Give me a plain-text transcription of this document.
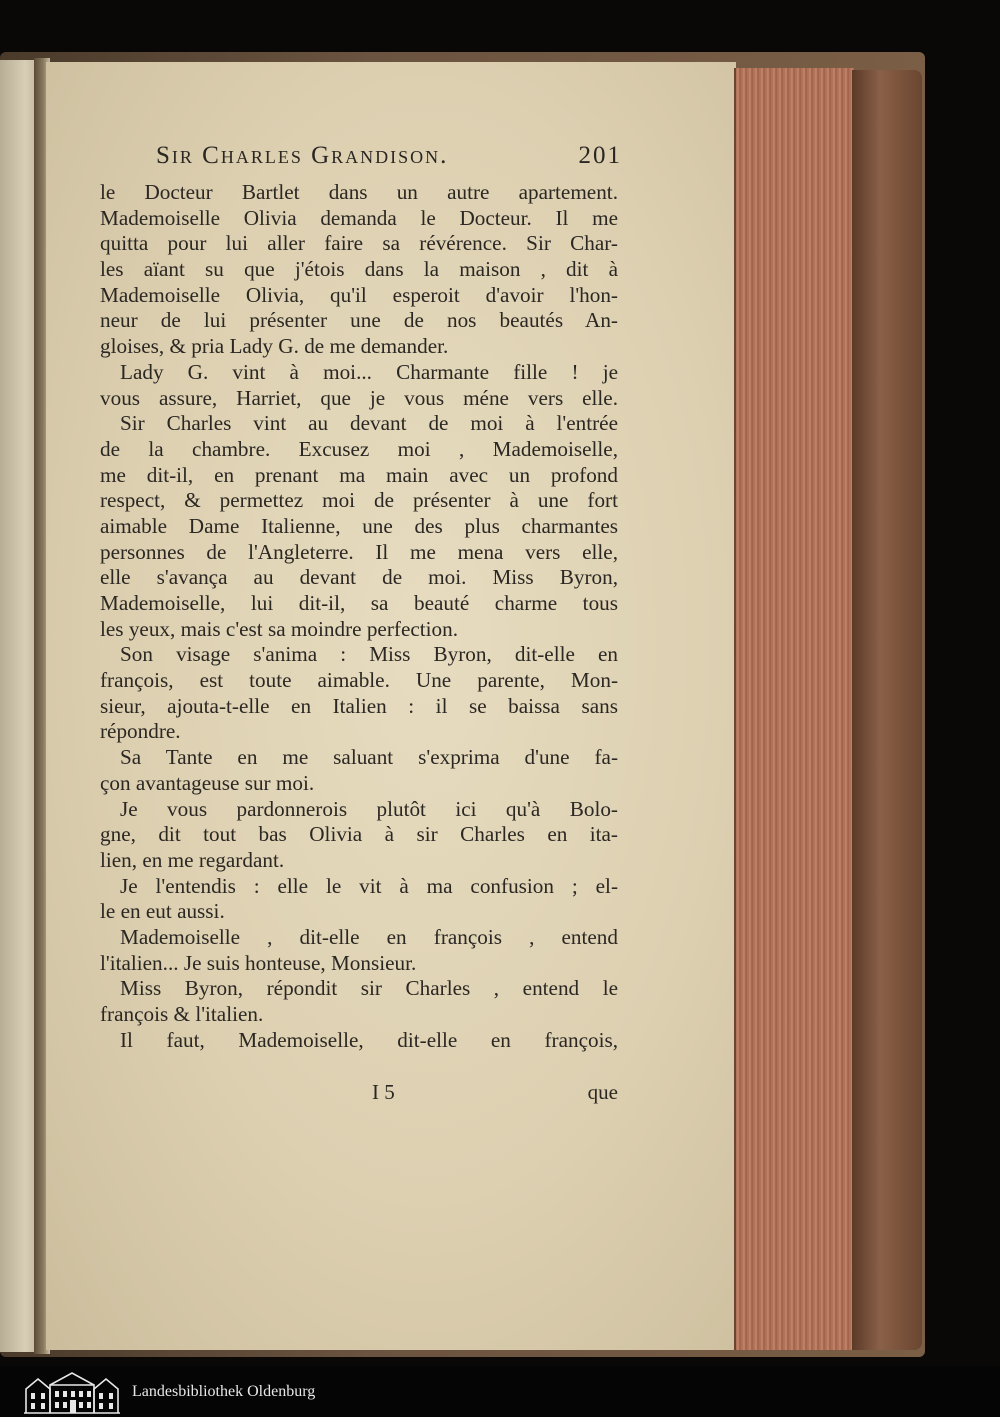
Sir Charles Grandison.	201
le Docteur Bartlet dans un autre apartement.
Mademoiselle Olivia demanda le Docteur. Il me
quitta pour lui aller faire sa révérence. Sir Char-
les aïant su que j'étois dans la maison , dit à
Mademoiselle Olivia, qu'il esperoit d'avoir l'hon-
neur de lui présenter une de nos beautés An-
gloises, & pria Lady G. de me demander.
Lady G. vint à moi... Charmante fille ! je
vous assure, Harriet, que je vous méne vers elle.
Sir Charles vint au devant de moi à l'entrée
de la chambre. Excusez moi , Mademoiselle,
me dit-il, en prenant ma main avec un profond
respect, & permettez moi de présenter à une fort
aimable Dame Italienne, une des plus charmantes
personnes de l'Angleterre. Il me mena vers elle,
elle s'avança au devant de moi. Miss Byron,
Mademoiselle, lui dit-il, sa beauté charme tous
les yeux, mais c'est sa moindre perfection.
Son visage s'anima : Miss Byron, dit-elle en
françois, est toute aimable. Une parente, Mon-
sieur, ajouta-t-elle en Italien : il se baissa sans
répondre.
Sa Tante en me saluant s'exprima d'une fa-
çon avantageuse sur moi.
Je vous pardonnerois plutôt ici qu'à Bolo-
gne, dit tout bas Olivia à sir Charles en ita-
lien, en me regardant.
Je l'entendis : elle le vit à ma confusion ; el-
le en eut aussi.
Mademoiselle , dit-elle en françois , entend
l'italien... Je suis honteuse, Monsieur.
Miss Byron, répondit sir Charles , entend le
françois & l'italien.
Il faut, Mademoiselle, dit-elle en françois,
I 5	que
Landesbibliothek Oldenburg
